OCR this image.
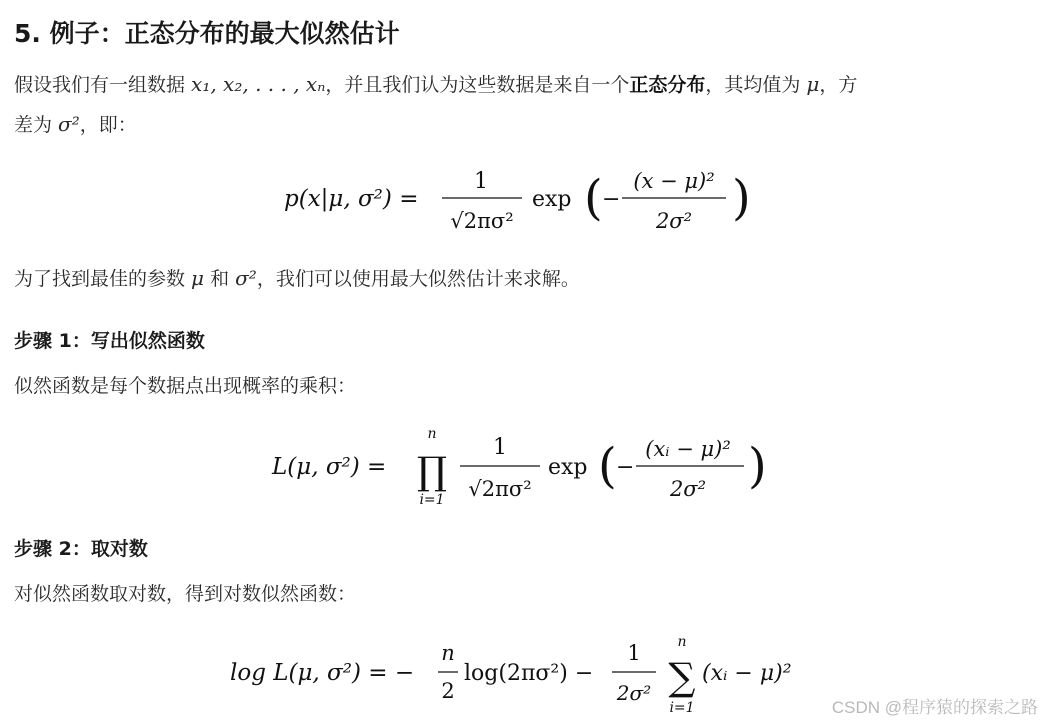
5. 例子：正态分布的最大似然估计
假设我们有一组数据 x₁, x₂, . . . , xₙ，并且我们认为这些数据是来自一个正态分布，其均值为 μ，方
差为 σ²，即：
p(x|μ, σ²) =
1
√2πσ²
exp ( −
(x − μ)²
2σ² )
为了找到最佳的参数 μ 和 σ²，我们可以使用最大似然估计来求解。
步骤 1：写出似然函数
似然函数是每个数据点出现概率的乘积：
L(μ, σ²) =
n
∏
i=1
1
√2πσ²
exp ( −
(xᵢ − μ)²
2σ² )
步骤 2：取对数
对似然函数取对数，得到对数似然函数：
log L(μ, σ²) = −
n
2
log(2πσ²) −
1
2σ²
n
∑
i=1
(xᵢ − μ)²
CSDN @程序猿的探索之路
